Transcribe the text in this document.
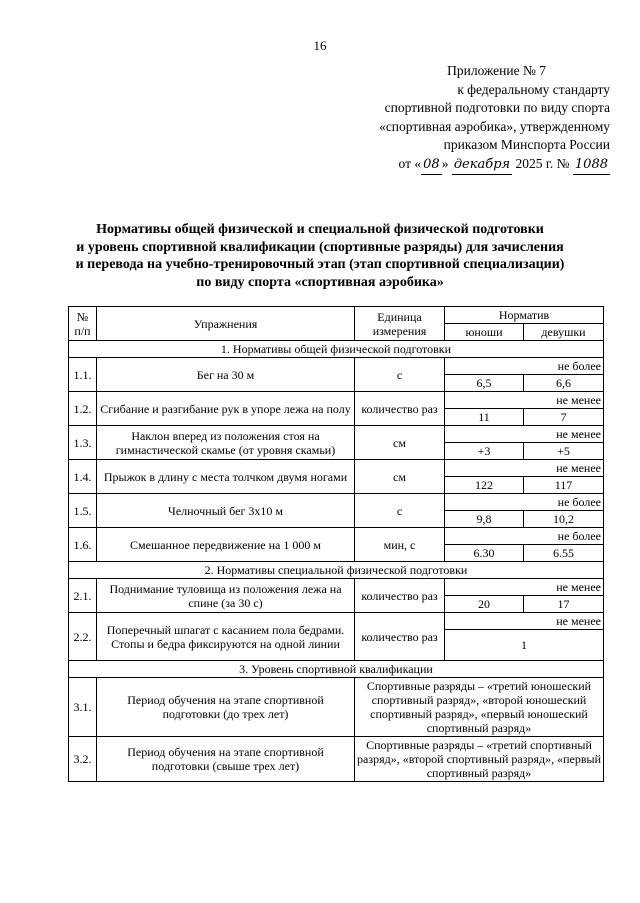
16
Приложение № 7
к федеральному стандарту
спортивной подготовки по виду спорта
«спортивная аэробика», утвержденному
приказом Минспорта России
от « 08 » декабря 2025 г. № 1088
Нормативы общей физической и специальной физической подготовки
и уровень спортивной квалификации (спортивные разряды) для зачисления
и перевода на учебно-тренировочный этап (этап спортивной специализации)
по виду спорта «спортивная аэробика»
№ п/п	Упражнения	Единица измерения	Норматив	
			юноши	девушки
1. Нормативы общей физической подготовки				
1.1.	Бег на 30 м	с	не более	
			6,5	6,6
1.2.	Сгибание и разгибание рук в упоре лежа на полу	количество раз	не менее	
			11	7
1.3.	Наклон вперед из положения стоя на гимнастической скамье (от уровня скамьи)	см	не менее	
			+3	+5
1.4.	Прыжок в длину с места толчком двумя ногами	см	не менее	
			122	117
1.5.	Челночный бег 3х10 м	с	не более	
			9,8	10,2
1.6.	Смешанное передвижение на 1 000 м	мин, с	не более	
			6.30	6.55
2. Нормативы специальной физической подготовки				
2.1.	Поднимание туловища из положения лежа на спине (за 30 с)	количество раз	не менее	
			20	17
2.2.	Поперечный шпагат с касанием пола бедрами. Стопы и бедра фиксируются на одной линии	количество раз	не менее	
			1	
3. Уровень спортивной квалификации				
3.1.	Период обучения на этапе спортивной подготовки (до трех лет)	Спортивные разряды – «третий юношеский спортивный разряд», «второй юношеский спортивный разряд», «первый юношеский спортивный разряд»		
3.2.	Период обучения на этапе спортивной подготовки (свыше трех лет)	Спортивные разряды – «третий спортивный разряд», «второй спортивный разряд», «первый спортивный разряд»		
